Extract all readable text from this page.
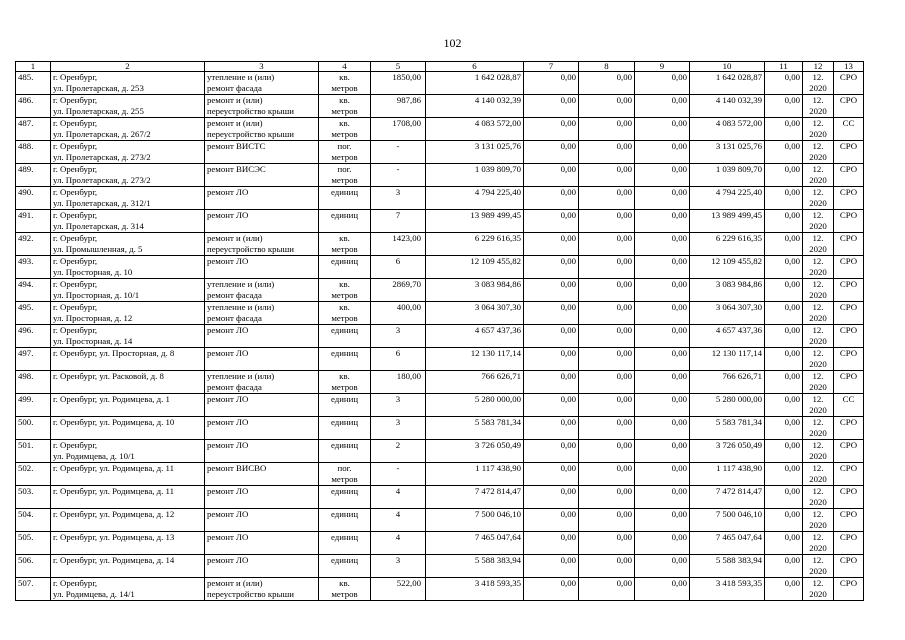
102
1	2	3	4	5	6	7	8	9	10	11	12	13
485.	г. Оренбург,
ул. Пролетарская, д. 253	утепление и (или)
ремонт фасада	кв.
метров	1850,00	1 642 028,87	0,00	0,00	0,00	1 642 028,87	0,00	12.
2020	СРО
486.	г. Оренбург,
ул. Пролетарская, д. 255	ремонт и (или)
переустройство крыши	кв.
метров	987,86	4 140 032,39	0,00	0,00	0,00	4 140 032,39	0,00	12.
2020	СРО
487.	г. Оренбург,
ул. Пролетарская, д. 267/2	ремонт и (или)
переустройство крыши	кв.
метров	1708,00	4 083 572,00	0,00	0,00	0,00	4 083 572,00	0,00	12.
2020	СС
488.	г. Оренбург,
ул. Пролетарская, д. 273/2	ремонт ВИСТС	пог.
метров	-	3 131 025,76	0,00	0,00	0,00	3 131 025,76	0,00	12.
2020	СРО
489.	г. Оренбург,
ул. Пролетарская, д. 273/2	ремонт ВИСЭС	пог.
метров	-	1 039 809,70	0,00	0,00	0,00	1 039 809,70	0,00	12.
2020	СРО
490.	г. Оренбург,
ул. Пролетарская, д. 312/1	ремонт ЛО	единиц	3	4 794 225,40	0,00	0,00	0,00	4 794 225,40	0,00	12.
2020	СРО
491.	г. Оренбург,
ул. Пролетарская, д. 314	ремонт ЛО	единиц	7	13 989 499,45	0,00	0,00	0,00	13 989 499,45	0,00	12.
2020	СРО
492.	г. Оренбург,
ул. Промышленная, д. 5	ремонт и (или)
переустройство крыши	кв.
метров	1423,00	6 229 616,35	0,00	0,00	0,00	6 229 616,35	0,00	12.
2020	СРО
493.	г. Оренбург,
ул. Просторная, д. 10	ремонт ЛО	единиц	6	12 109 455,82	0,00	0,00	0,00	12 109 455,82	0,00	12.
2020	СРО
494.	г. Оренбург,
ул. Просторная, д. 10/1	утепление и (или)
ремонт фасада	кв.
метров	2869,70	3 083 984,86	0,00	0,00	0,00	3 083 984,86	0,00	12.
2020	СРО
495.	г. Оренбург,
ул. Просторная, д. 12	утепление и (или)
ремонт фасада	кв.
метров	400,00	3 064 307,30	0,00	0,00	0,00	3 064 307,30	0,00	12.
2020	СРО
496.	г. Оренбург,
ул. Просторная, д. 14	ремонт ЛО	единиц	3	4 657 437,36	0,00	0,00	0,00	4 657 437,36	0,00	12.
2020	СРО
497.	г. Оренбург, ул. Просторная, д. 8	ремонт ЛО	единиц	6	12 130 117,14	0,00	0,00	0,00	12 130 117,14	0,00	12.
2020	СРО
498.	г. Оренбург, ул. Расковой, д. 8	утепление и (или)
ремонт фасада	кв.
метров	180,00	766 626,71	0,00	0,00	0,00	766 626,71	0,00	12.
2020	СРО
499.	г. Оренбург, ул. Родимцева, д. 1	ремонт ЛО	единиц	3	5 280 000,00	0,00	0,00	0,00	5 280 000,00	0,00	12.
2020	СС
500.	г. Оренбург, ул. Родимцева, д. 10	ремонт ЛО	единиц	3	5 583 781,34	0,00	0,00	0,00	5 583 781,34	0,00	12.
2020	СРО
501.	г. Оренбург,
ул. Родимцева, д. 10/1	ремонт ЛО	единиц	2	3 726 050,49	0,00	0,00	0,00	3 726 050,49	0,00	12.
2020	СРО
502.	г. Оренбург, ул. Родимцева, д. 11	ремонт ВИСВО	пог.
метров	-	1 117 438,90	0,00	0,00	0,00	1 117 438,90	0,00	12.
2020	СРО
503.	г. Оренбург, ул. Родимцева, д. 11	ремонт ЛО	единиц	4	7 472 814,47	0,00	0,00	0,00	7 472 814,47	0,00	12.
2020	СРО
504.	г. Оренбург, ул. Родимцева, д. 12	ремонт ЛО	единиц	4	7 500 046,10	0,00	0,00	0,00	7 500 046,10	0,00	12.
2020	СРО
505.	г. Оренбург, ул. Родимцева, д. 13	ремонт ЛО	единиц	4	7 465 047,64	0,00	0,00	0,00	7 465 047,64	0,00	12.
2020	СРО
506.	г. Оренбург, ул. Родимцева, д. 14	ремонт ЛО	единиц	3	5 588 383,94	0,00	0,00	0,00	5 588 383,94	0,00	12.
2020	СРО
507.	г. Оренбург,
ул. Родимцева, д. 14/1	ремонт и (или)
переустройство крыши	кв.
метров	522,00	3 418 593,35	0,00	0,00	0,00	3 418 593,35	0,00	12.
2020	СРО
